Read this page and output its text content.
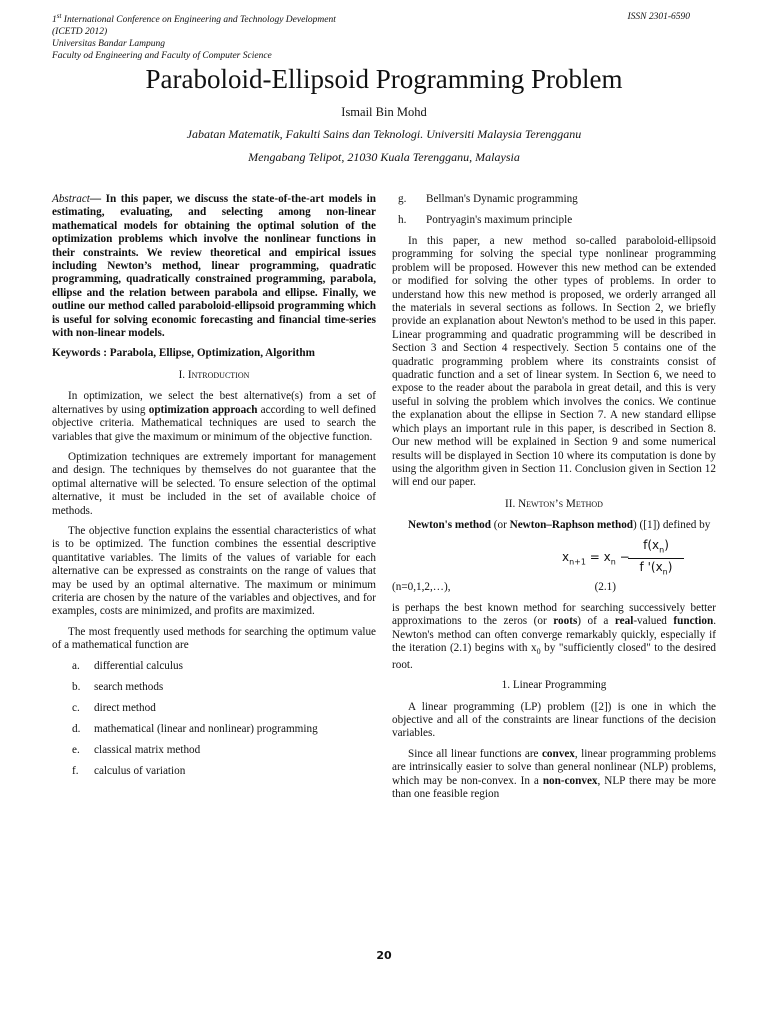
1st International Conference on Engineering and Technology Development
(ICETD 2012)
Universitas Bandar Lampung
Faculty od Engineering and Faculty of Computer Science
ISSN 2301-6590
Paraboloid-Ellipsoid Programming Problem
Ismail Bin Mohd
Jabatan Matematik, Fakulti Sains dan Teknologi. Universiti Malaysia Terengganu
Mengabang Telipot, 21030 Kuala Terengganu, Malaysia

Abstract— In this paper, we discuss the state-of-the-art models in estimating, evaluating, and selecting among non-linear mathematical models for obtaining the optimal solution of the optimization problems which involve the nonlinear functions in their constraints. We review theoretical and empirical issues including Newton’s method, linear programming, quadratic programming, quadratically constrained programming, parabola, ellipse and the relation between parabola and ellipse. Finally, we outline our method called paraboloid-ellipsoid programming which is useful for solving economic forecasting and financial time-series with non-linear models.

Keywords : Parabola, Ellipse, Optimization, Algorithm

I. Introduction

In optimization, we select the best alternative(s) from a set of alternatives by using optimization approach according to well defined objective criteria. Mathematical techniques are used to search the variables that give the maximum or minimum of the objective function.

Optimization techniques are extremely important for management and design. The techniques by themselves do not guarantee that the optimal alternative will be selected. To ensure selection of the optimal alternative, it must be included in the set of available choice of methods.

The objective function explains the essential characteristics of what is to be optimized. The function combines the essential descriptive quantitative variables. The limits of the values of variable for each alternative can be expressed as constraints on the range of values that may be used by an optimal alternative. The maximum or minimum criteria are chosen by the nature of the variables and objectives, and for examples, costs are minimized, and profits are maximized.

The most frequently used methods for searching the optimum value of a mathematical function are

a.	differential calculus
b.	search methods
c.	direct method
d.	mathematical (linear and nonlinear) programming
e.	classical matrix method
f.	calculus of variation
g.	Bellman's Dynamic programming
h.	Pontryagin's maximum principle

In this paper, a new method so-called paraboloid-ellipsoid programming for solving the special type nonlinear programming problem will be proposed. However this new method can be extended or modified for solving the other types of problems. In order to understand how this new method is proposed, we orderly arranged all the materials in several sections as follows. In Section 2, we briefly provide an explanation about Newton's method to be used in this paper. Linear programming and quadratic programming will be described in Section 3 and Section 4 respectively. Section 5 contains one of the quadratic programming problem where its constraints consist of quadratic function and a set of linear system. In Section 6, we need to expose to the reader about the parabola in great detail, and this is very useful in solving the problem which involves the conics. We continue the explanation about the ellipse in Section 7. A new standard ellipse which plays an important rule in this paper, is described in Section 8. Our new method will be explained in Section 9 and some numerical results will be displayed in Section 10 where its computation is done by using the algorithm given in Section 11. Conclusion given in Section 12 will end our paper.

II. Newton’s Method

Newton's method (or Newton–Raphson method) ([1]) defined by

$x_{n+1} = x_n$ −
$f(x_n)$
f '$(x_n)$
(n=0,1,2,…),	(2.1)

is perhaps the best known method for searching successively better approximations to the zeros (or roots) of a real-valued function. Newton's method can often converge remarkably quickly, especially if the iteration (2.1) begins with $x_0$ by "sufficiently closed" to the desired root.

1. Linear Programming

A linear programming (LP) problem ([2]) is one in which the objective and all of the constraints are linear functions of the decision variables.

Since all linear functions are convex, linear programming problems are intrinsically easier to solve than general nonlinear (NLP) problems, which may be non-convex. In a non-convex, NLP there may be more than one feasible region

20
